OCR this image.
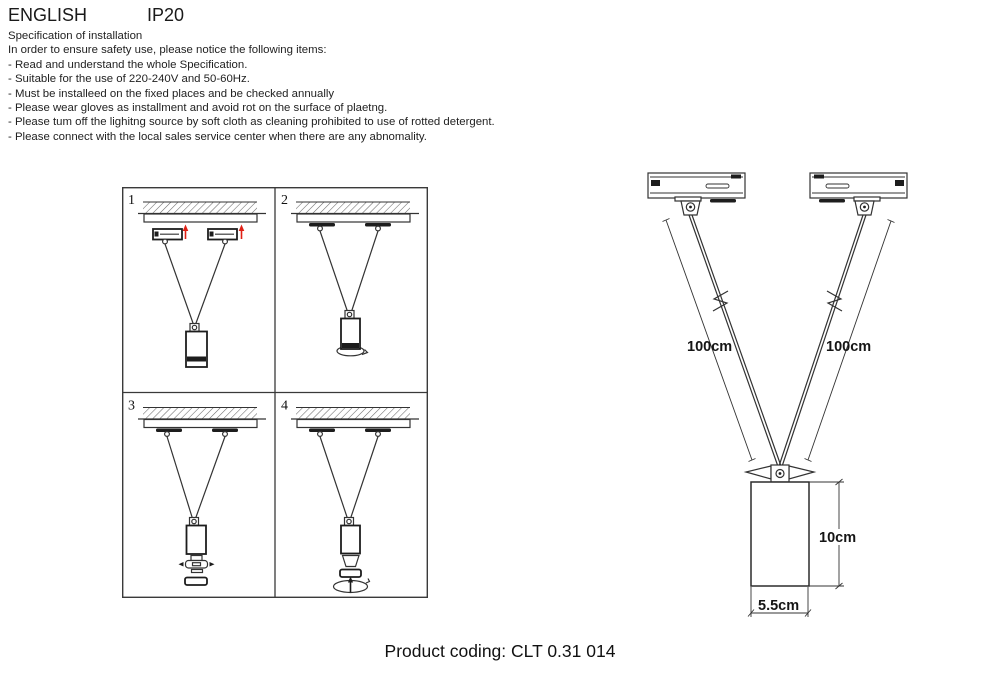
ENGLISH	IP20
Specification of installation
In order to ensure safety use, please notice the following items:
- Read and understand the whole Specification.
- Suitable for the use of 220-240V and 50-60Hz.
- Must be installeed on the fixed places and be checked annually
- Please wear gloves as installment and avoid rot on the surface of plaetng.
- Please tum off the lighitng source by soft cloth as cleaning prohibited to use of rotted detergent.
- Please connect with the local sales service center when there are any abnomality.
1	2
3	4
100cm	100cm
10cm
5.5cm
Product coding: CLT 0.31 014
